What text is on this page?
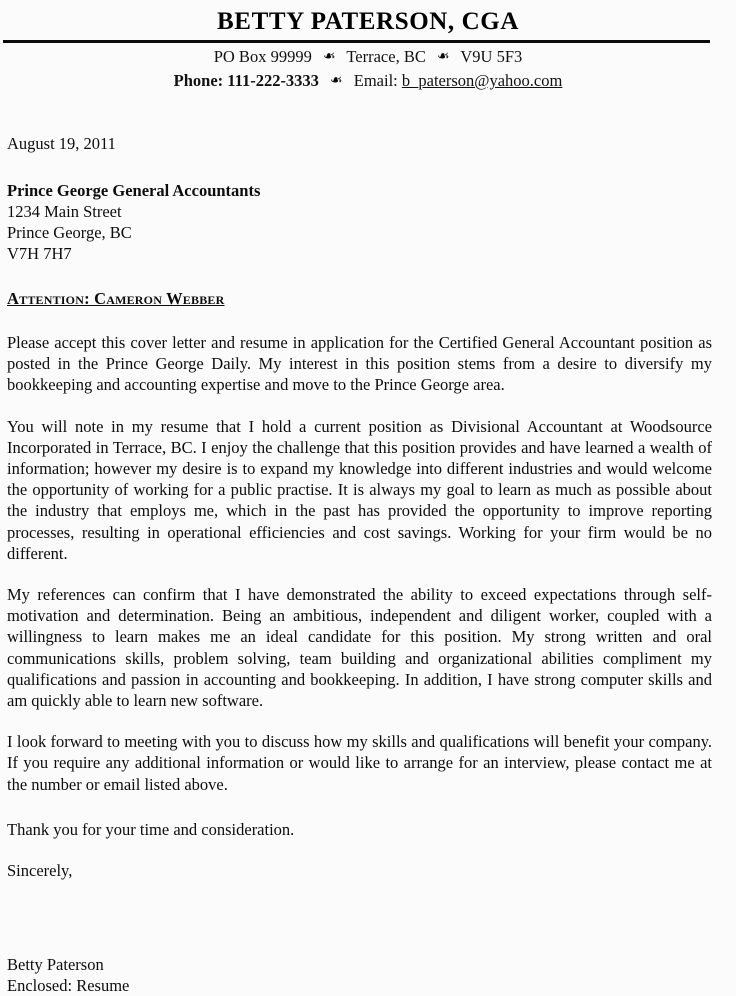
BETTY PATERSON, CGA
PO Box 99999 ❧ Terrace, BC ❧ V9U 5F3
Phone: 111-222-3333 ❧ Email: b_paterson@yahoo.com
August 19, 2011
Prince George General Accountants
1234 Main Street
Prince George, BC
V7H 7H7
Attention: Cameron Webber

Please accept this cover letter and resume in application for the Certified General Accountant position as posted in the Prince George Daily. My interest in this position stems from a desire to diversify my bookkeeping and accounting expertise and move to the Prince George area.

You will note in my resume that I hold a current position as Divisional Accountant at Woodsource Incorporated in Terrace, BC. I enjoy the challenge that this position provides and have learned a wealth of information; however my desire is to expand my knowledge into different industries and would welcome the opportunity of working for a public practise. It is always my goal to learn as much as possible about the industry that employs me, which in the past has provided the opportunity to improve reporting processes, resulting in operational efficiencies and cost savings. Working for your firm would be no different.

My references can confirm that I have demonstrated the ability to exceed expectations through self-motivation and determination. Being an ambitious, independent and diligent worker, coupled with a willingness to learn makes me an ideal candidate for this position. My strong written and oral communications skills, problem solving, team building and organizational abilities compliment my qualifications and passion in accounting and bookkeeping. In addition, I have strong computer skills and am quickly able to learn new software.

I look forward to meeting with you to discuss how my skills and qualifications will benefit your company. If you require any additional information or would like to arrange for an interview, please contact me at the number or email listed above.

Thank you for your time and consideration.

Sincerely,

Betty Paterson
Enclosed: Resume
